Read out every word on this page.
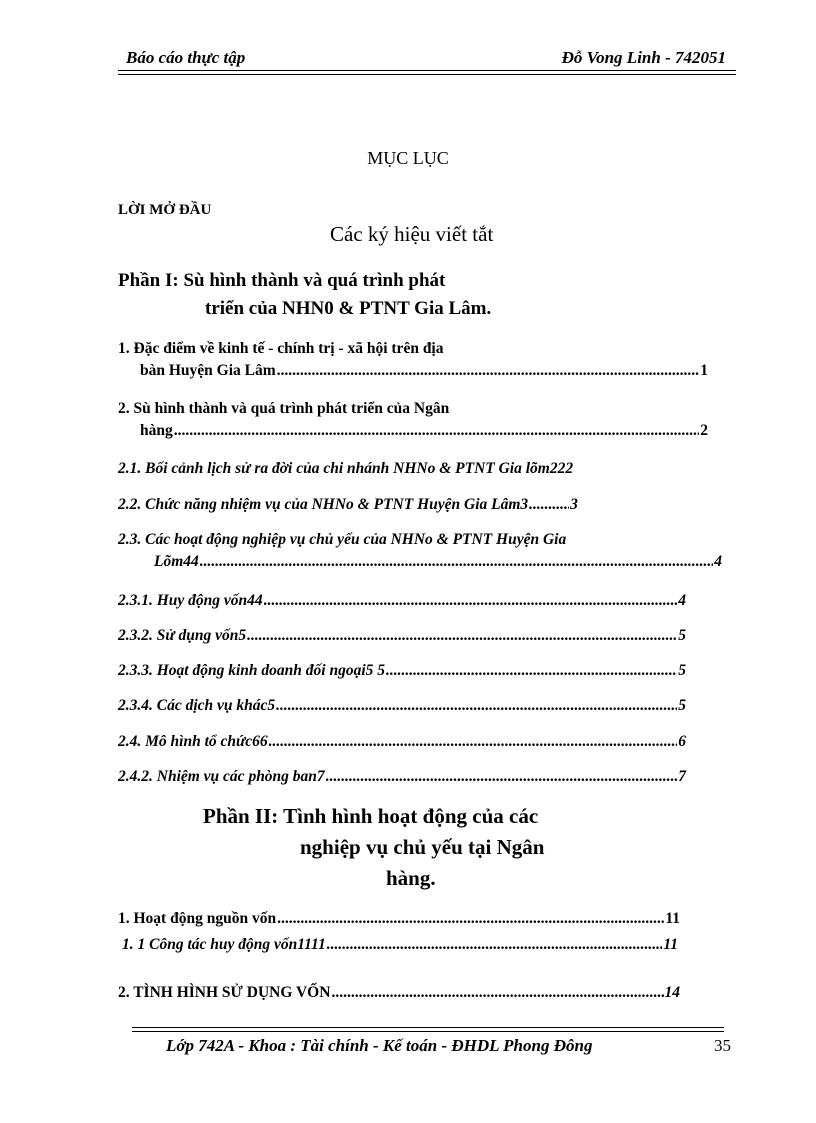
Báo cáo thực tập	Đỗ Vong Linh - 742051
MỤC LỤC
LỜI MỞ ĐẦU
Các ký hiệu viết tắt
Phần I: Sù hình thành và quá trình phát
triển của NHN0 & PTNT Gia Lâm.
1. Đặc điểm về kinh tế - chính trị - xã hội trên địa
bàn Huyện Gia Lâm .....	1
2. Sù hình thành và quá trình phát triển của Ngân
hàng .....	2
2.1. Bối cảnh lịch sử ra đời của chi nhánh NHNo & PTNT Gia lõm222
2.2. Chức năng nhiệm vụ của NHNo & PTNT Huyện Gia Lâm3 .....	3
2.3. Các hoạt động nghiệp vụ chủ yếu của NHNo & PTNT Huyện Gia
Lõm44 .....	4
2.3.1. Huy động vốn44 .....	4
2.3.2. Sử dụng vốn5 .....	5
2.3.3. Hoạt động kinh doanh đối ngoại5 5 .....	5
2.3.4. Các dịch vụ khác5 .....	5
2.4. Mô hình tổ chức66 .....	6
2.4.2. Nhiệm vụ các phòng ban7 .....	7
Phần II: Tình hình hoạt động của các
nghiệp vụ chủ yếu tại Ngân
hàng.
1. Hoạt động nguồn vốn .....	11
1. 1 Công tác huy động vốn1111 .....	11
2. TÌNH HÌNH SỬ DỤNG VỐN .....	14
Lớp 742A - Khoa : Tài chính - Kế toán - ĐHDL Phong Đông	35
